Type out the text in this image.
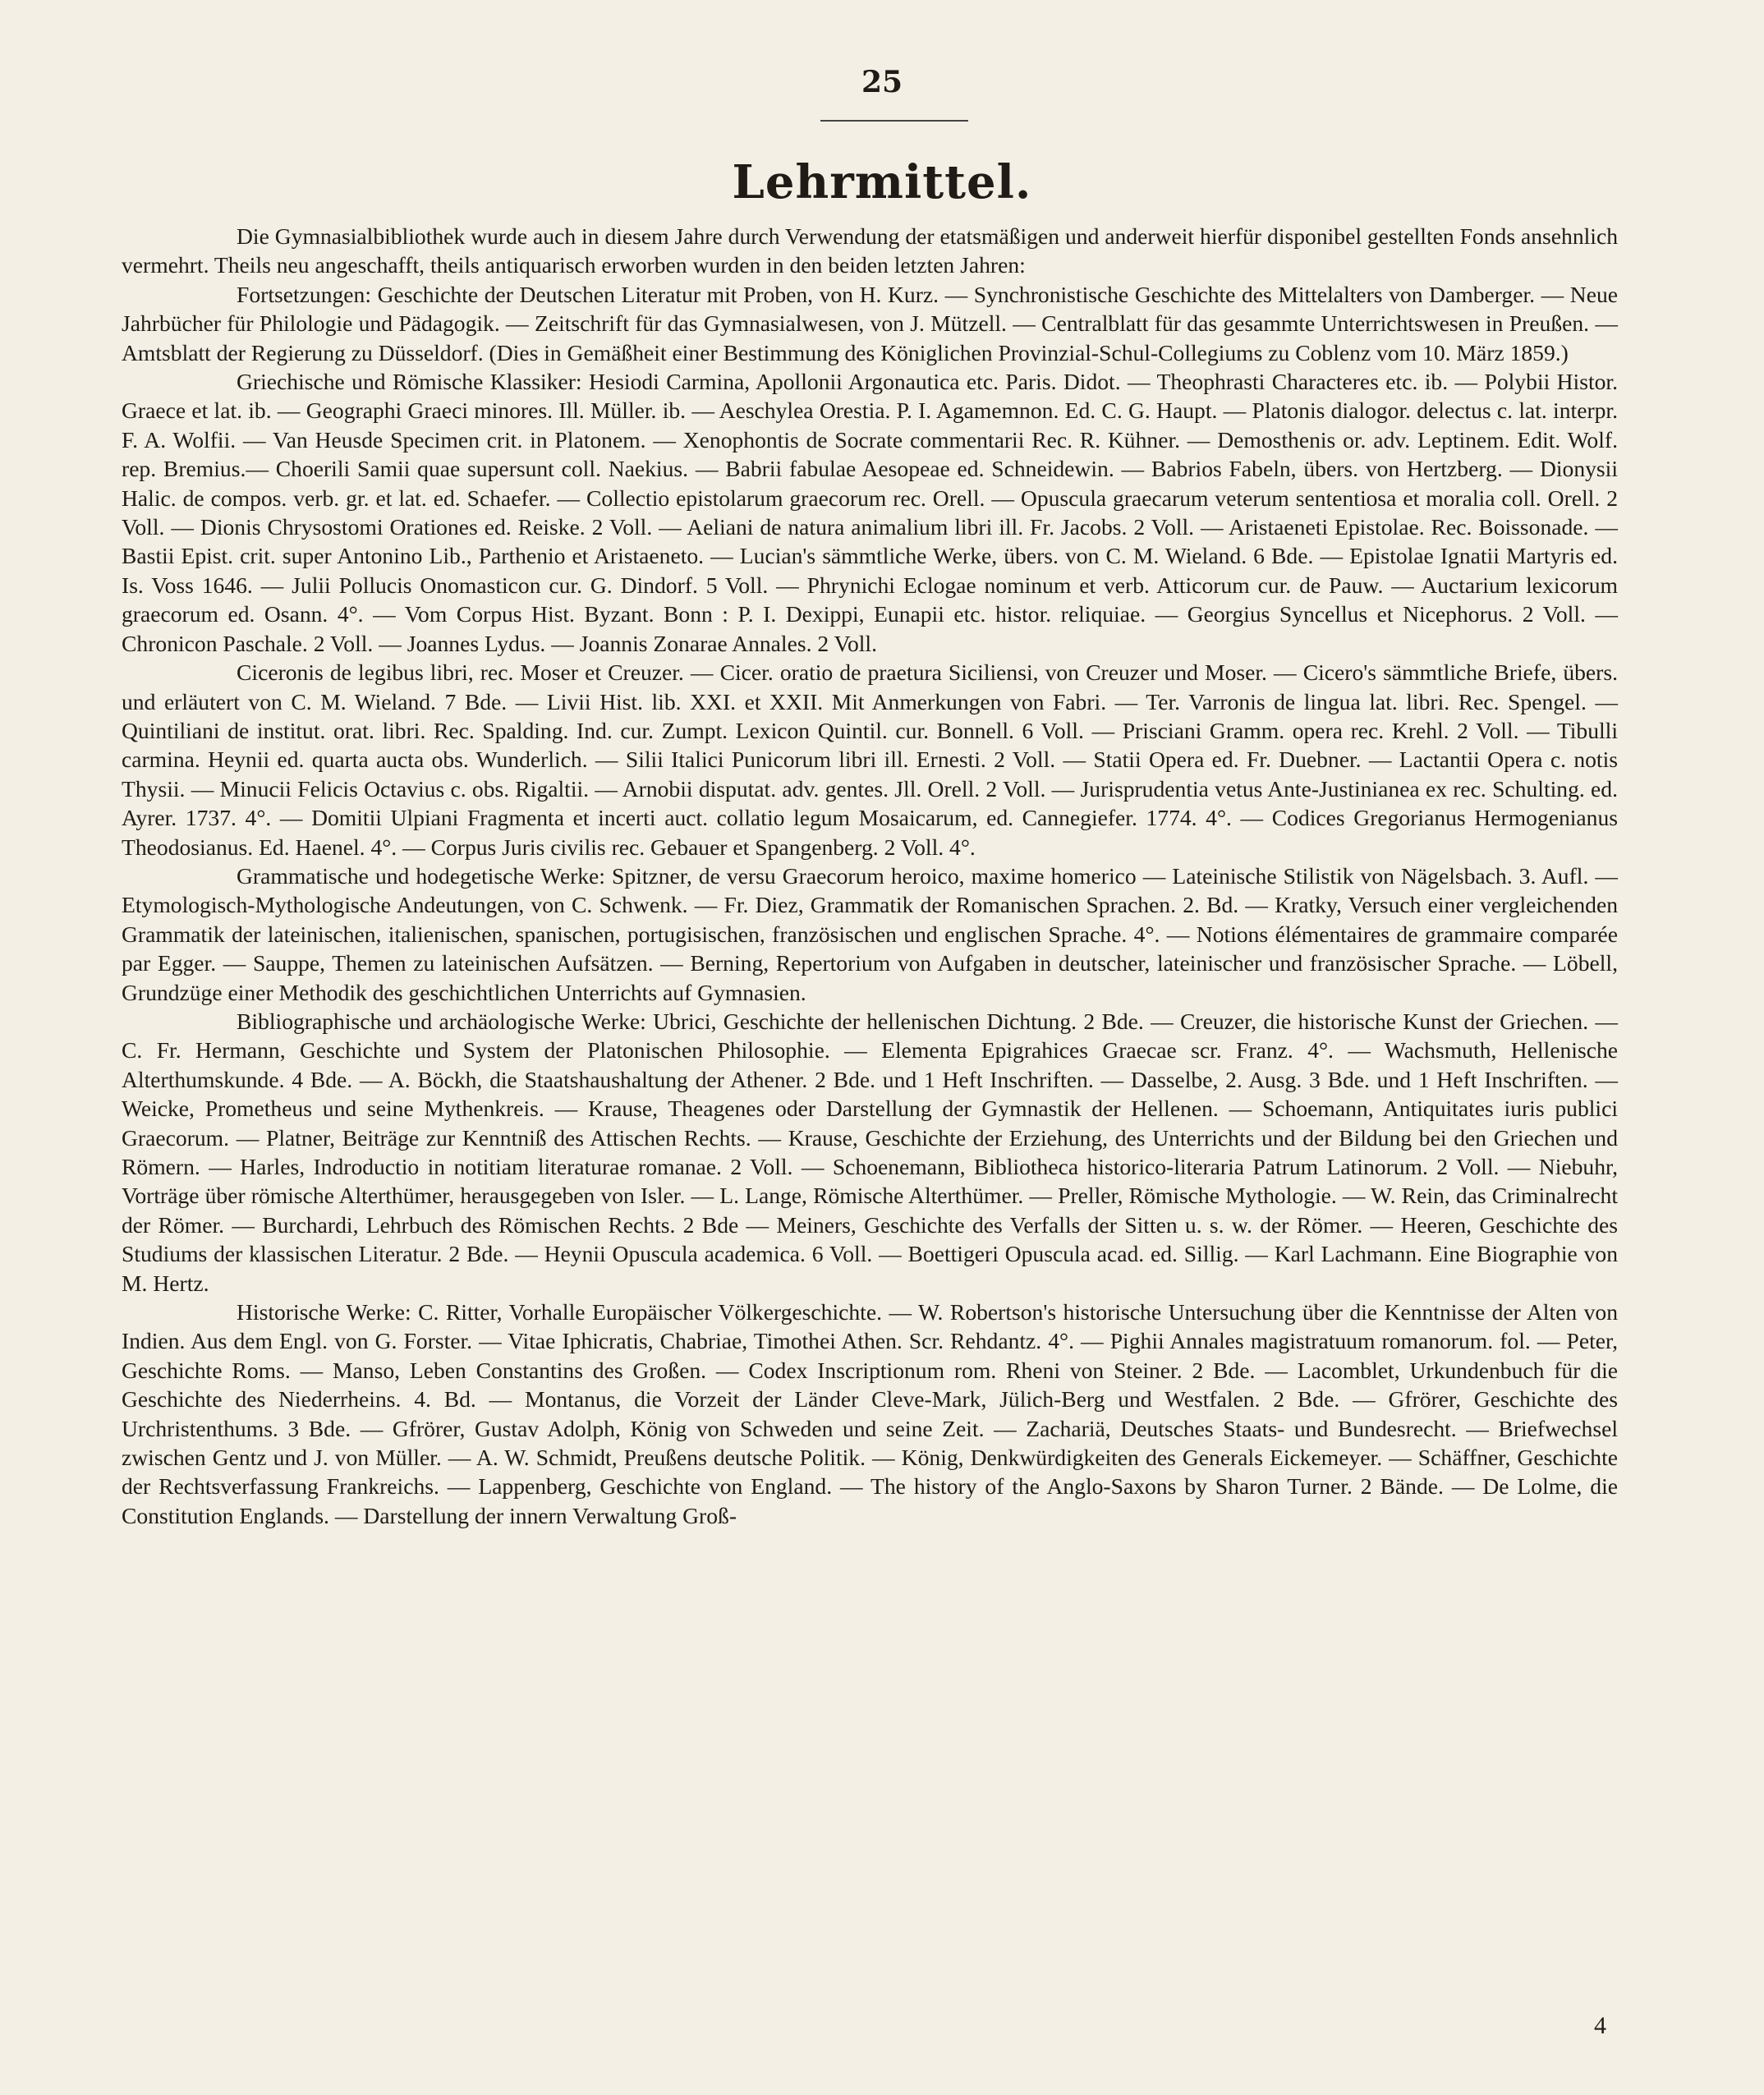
25
Lehrmittel.

Die Gymnasialbibliothek wurde auch in diesem Jahre durch Verwendung der etatsmäßigen und anderweit hierfür disponibel gestellten Fonds ansehnlich vermehrt. Theils neu angeschafft, theils antiquarisch erworben wurden in den beiden letzten Jahren:

Fortsetzungen: Geschichte der Deutschen Literatur mit Proben, von H. Kurz. — Synchronistische Geschichte des Mittelalters von Damberger. — Neue Jahrbücher für Philologie und Pädagogik. — Zeitschrift für das Gymnasialwesen, von J. Mützell. — Centralblatt für das gesammte Unterrichtswesen in Preußen. — Amtsblatt der Regierung zu Düsseldorf. (Dies in Gemäßheit einer Bestimmung des Königlichen Provinzial-Schul-Collegiums zu Coblenz vom 10. März 1859.)

Griechische und Römische Klassiker: Hesiodi Carmina, Apollonii Argonautica etc. Paris. Didot. — Theophrasti Characteres etc. ib. — Polybii Histor. Graece et lat. ib. — Geographi Graeci minores. Ill. Müller. ib. — Aeschylea Orestia. P. I. Agamemnon. Ed. C. G. Haupt. — Platonis dialogor. delectus c. lat. interpr. F. A. Wolfii. — Van Heusde Specimen crit. in Platonem. — Xenophontis de Socrate commentarii Rec. R. Kühner. — Demosthenis or. adv. Leptinem. Edit. Wolf. rep. Bremius.— Choerili Samii quae supersunt coll. Naekius. — Babrii fabulae Aesopeae ed. Schneidewin. — Babrios Fabeln, übers. von Hertzberg. — Dionysii Halic. de compos. verb. gr. et lat. ed. Schaefer. — Collectio epistolarum graecorum rec. Orell. — Opuscula graecarum veterum sententiosa et moralia coll. Orell. 2 Voll. — Dionis Chrysostomi Orationes ed. Reiske. 2 Voll. — Aeliani de natura animalium libri ill. Fr. Jacobs. 2 Voll. — Aristaeneti Epistolae. Rec. Boissonade. — Bastii Epist. crit. super Antonino Lib., Parthenio et Aristaeneto. — Lucian's sämmtliche Werke, übers. von C. M. Wieland. 6 Bde. — Epistolae Ignatii Martyris ed. Is. Voss 1646. — Julii Pollucis Onomasticon cur. G. Dindorf. 5 Voll. — Phrynichi Eclogae nominum et verb. Atticorum cur. de Pauw. — Auctarium lexicorum graecorum ed. Osann. 4°. — Vom Corpus Hist. Byzant. Bonn : P. I. Dexippi, Eunapii etc. histor. reliquiae. — Georgius Syncellus et Nicephorus. 2 Voll. — Chronicon Paschale. 2 Voll. — Joannes Lydus. — Joannis Zonarae Annales. 2 Voll.

Ciceronis de legibus libri, rec. Moser et Creuzer. — Cicer. oratio de praetura Siciliensi, von Creuzer und Moser. — Cicero's sämmtliche Briefe, übers. und erläutert von C. M. Wieland. 7 Bde. — Livii Hist. lib. XXI. et XXII. Mit Anmerkungen von Fabri. — Ter. Varronis de lingua lat. libri. Rec. Spengel. — Quintiliani de institut. orat. libri. Rec. Spalding. Ind. cur. Zumpt. Lexicon Quintil. cur. Bonnell. 6 Voll. — Prisciani Gramm. opera rec. Krehl. 2 Voll. — Tibulli carmina. Heynii ed. quarta aucta obs. Wunderlich. — Silii Italici Punicorum libri ill. Ernesti. 2 Voll. — Statii Opera ed. Fr. Duebner. — Lactantii Opera c. notis Thysii. — Minucii Felicis Octavius c. obs. Rigaltii. — Arnobii disputat. adv. gentes. Jll. Orell. 2 Voll. — Jurisprudentia vetus Ante-Justinianea ex rec. Schulting. ed. Ayrer. 1737. 4°. — Domitii Ulpiani Fragmenta et incerti auct. collatio legum Mosaicarum, ed. Cannegiefer. 1774. 4°. — Codices Gregorianus Hermogenianus Theodosianus. Ed. Haenel. 4°. — Corpus Juris civilis rec. Gebauer et Spangenberg. 2 Voll. 4°.

Grammatische und hodegetische Werke: Spitzner, de versu Graecorum heroico, maxime homerico — Lateinische Stilistik von Nägelsbach. 3. Aufl. — Etymologisch-Mythologische Andeutungen, von C. Schwenk. — Fr. Diez, Grammatik der Romanischen Sprachen. 2. Bd. — Kratky, Versuch einer vergleichenden Grammatik der lateinischen, italienischen, spanischen, portugisischen, französischen und englischen Sprache. 4°. — Notions élémentaires de grammaire comparée par Egger. — Sauppe, Themen zu lateinischen Aufsätzen. — Berning, Repertorium von Aufgaben in deutscher, lateinischer und französischer Sprache. — Löbell, Grundzüge einer Methodik des geschichtlichen Unterrichts auf Gymnasien.

Bibliographische und archäologische Werke: Ubrici, Geschichte der hellenischen Dichtung. 2 Bde. — Creuzer, die historische Kunst der Griechen. — C. Fr. Hermann, Geschichte und System der Platonischen Philosophie. — Elementa Epigrahices Graecae scr. Franz. 4°. — Wachsmuth, Hellenische Alterthumskunde. 4 Bde. — A. Böckh, die Staatshaushaltung der Athener. 2 Bde. und 1 Heft Inschriften. — Dasselbe, 2. Ausg. 3 Bde. und 1 Heft Inschriften. — Weicke, Prometheus und seine Mythenkreis. — Krause, Theagenes oder Darstellung der Gymnastik der Hellenen. — Schoemann, Antiquitates iuris publici Graecorum. — Platner, Beiträge zur Kenntniß des Attischen Rechts. — Krause, Geschichte der Erziehung, des Unterrichts und der Bildung bei den Griechen und Römern. — Harles, Indroductio in notitiam literaturae romanae. 2 Voll. — Schoenemann, Bibliotheca historico-literaria Patrum Latinorum. 2 Voll. — Niebuhr, Vorträge über römische Alterthümer, herausgegeben von Isler. — L. Lange, Römische Alterthümer. — Preller, Römische Mythologie. — W. Rein, das Criminalrecht der Römer. — Burchardi, Lehrbuch des Römischen Rechts. 2 Bde — Meiners, Geschichte des Verfalls der Sitten u. s. w. der Römer. — Heeren, Geschichte des Studiums der klassischen Literatur. 2 Bde. — Heynii Opuscula academica. 6 Voll. — Boettigeri Opuscula acad. ed. Sillig. — Karl Lachmann. Eine Biographie von M. Hertz.

Historische Werke: C. Ritter, Vorhalle Europäischer Völkergeschichte. — W. Robertson's historische Untersuchung über die Kenntnisse der Alten von Indien. Aus dem Engl. von G. Forster. — Vitae Iphicratis, Chabriae, Timothei Athen. Scr. Rehdantz. 4°. — Pighii Annales magistratuum romanorum. fol. — Peter, Geschichte Roms. — Manso, Leben Constantins des Großen. — Codex Inscriptionum rom. Rheni von Steiner. 2 Bde. — Lacomblet, Urkundenbuch für die Geschichte des Niederrheins. 4. Bd. — Montanus, die Vorzeit der Länder Cleve-Mark, Jülich-Berg und Westfalen. 2 Bde. — Gfrörer, Geschichte des Urchristenthums. 3 Bde. — Gfrörer, Gustav Adolph, König von Schweden und seine Zeit. — Zachariä, Deutsches Staats- und Bundesrecht. — Briefwechsel zwischen Gentz und J. von Müller. — A. W. Schmidt, Preußens deutsche Politik. — König, Denkwürdigkeiten des Generals Eickemeyer. — Schäffner, Geschichte der Rechtsverfassung Frankreichs. — Lappenberg, Geschichte von England. — The history of the Anglo-Saxons by Sharon Turner. 2 Bände. — De Lolme, die Constitution Englands. — Darstellung der innern Verwaltung Groß-

4
